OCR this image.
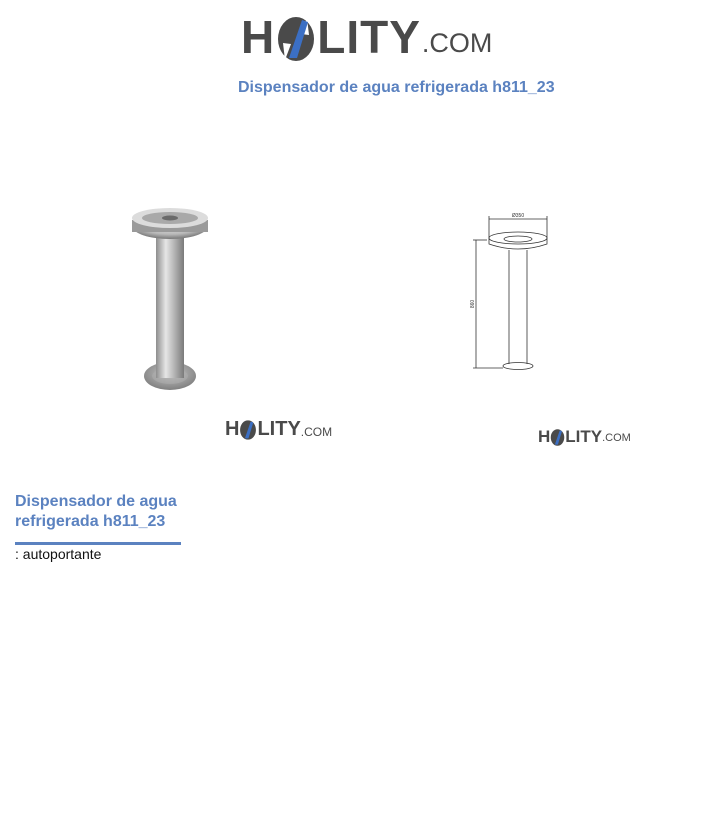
H LITY .COM
Dispensador de agua refrigerada h811_23
Ø350
860
H LITY .COM	H LITY .COM
Dispensador de agua refrigerada h811_23
: autoportante
